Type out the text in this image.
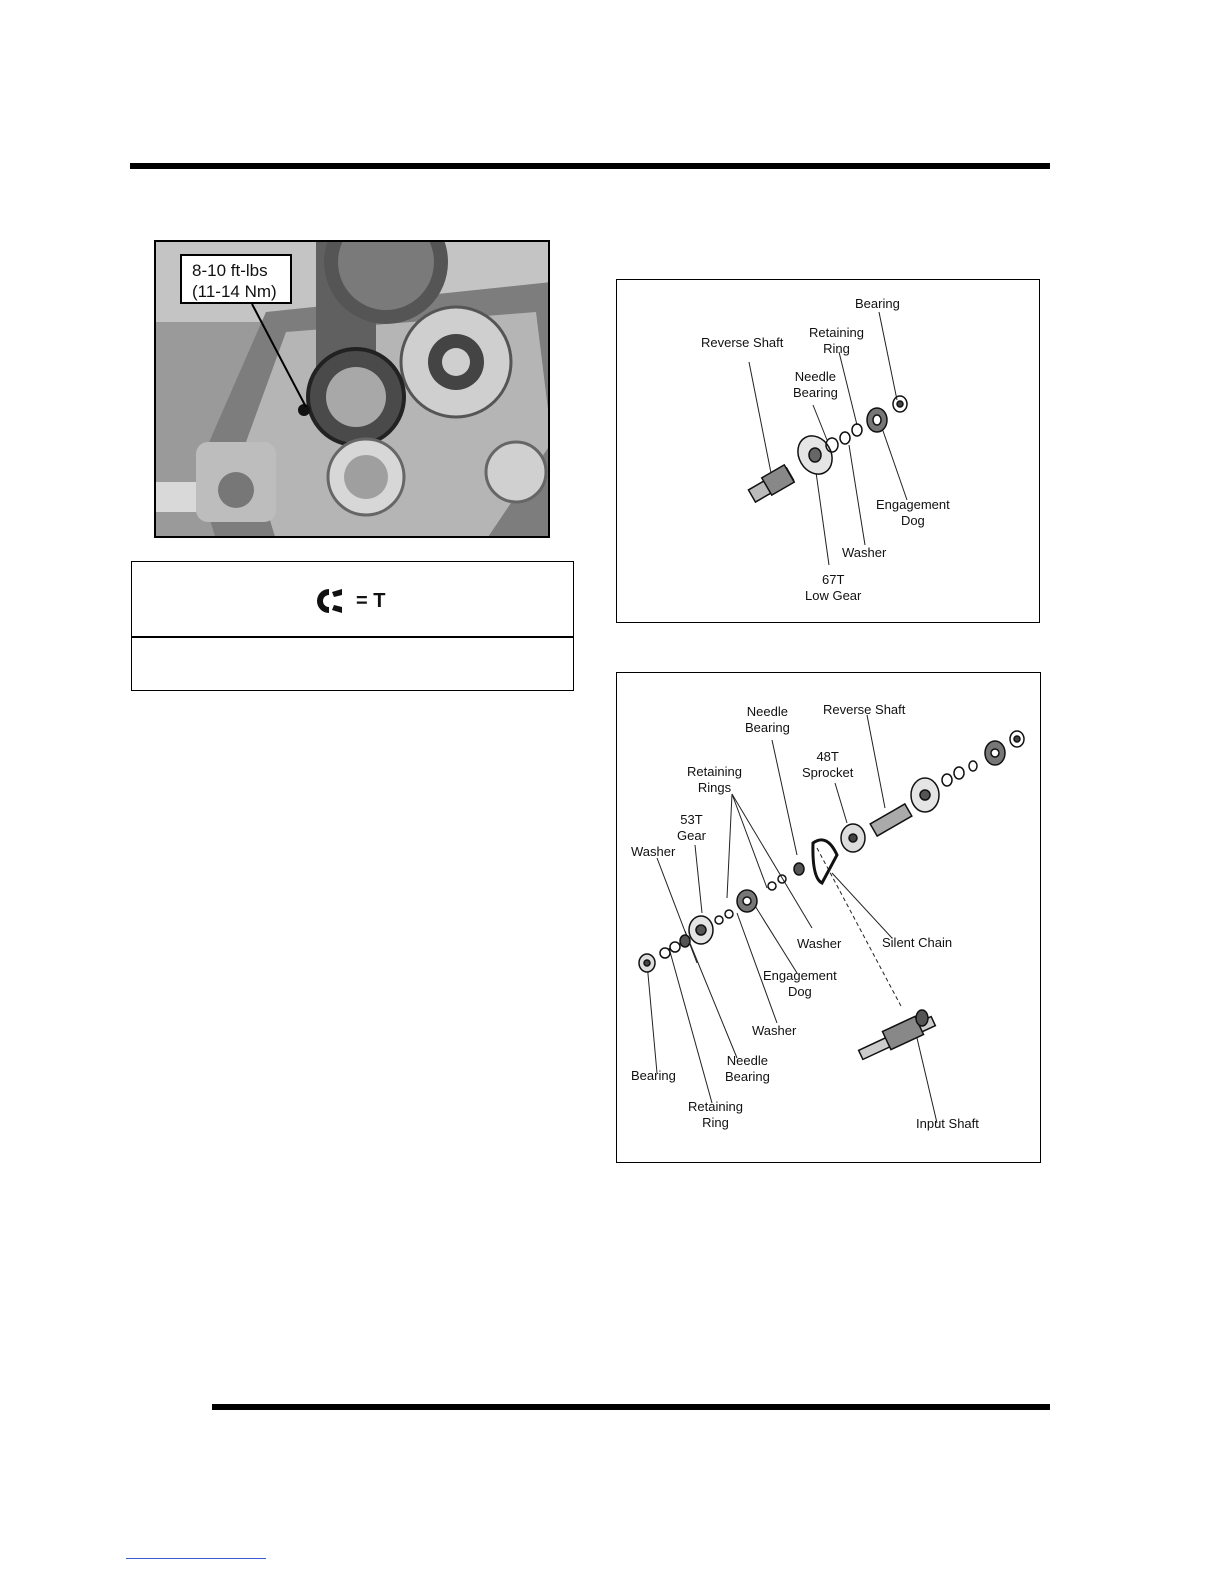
8-10 ft-lbs
(11-14 Nm)
= T
Bearing
Retaining
Ring
Reverse Shaft
Needle
Bearing
Engagement
Dog
Washer
67T
Low Gear
Needle
Bearing
Reverse Shaft
48T
Sprocket
Retaining
Rings
53T
Gear
Washer
Washer	Silent Chain
Engagement
Dog
Washer
Needle
Bearing
Bearing
Retaining
Ring	Input Shaft
